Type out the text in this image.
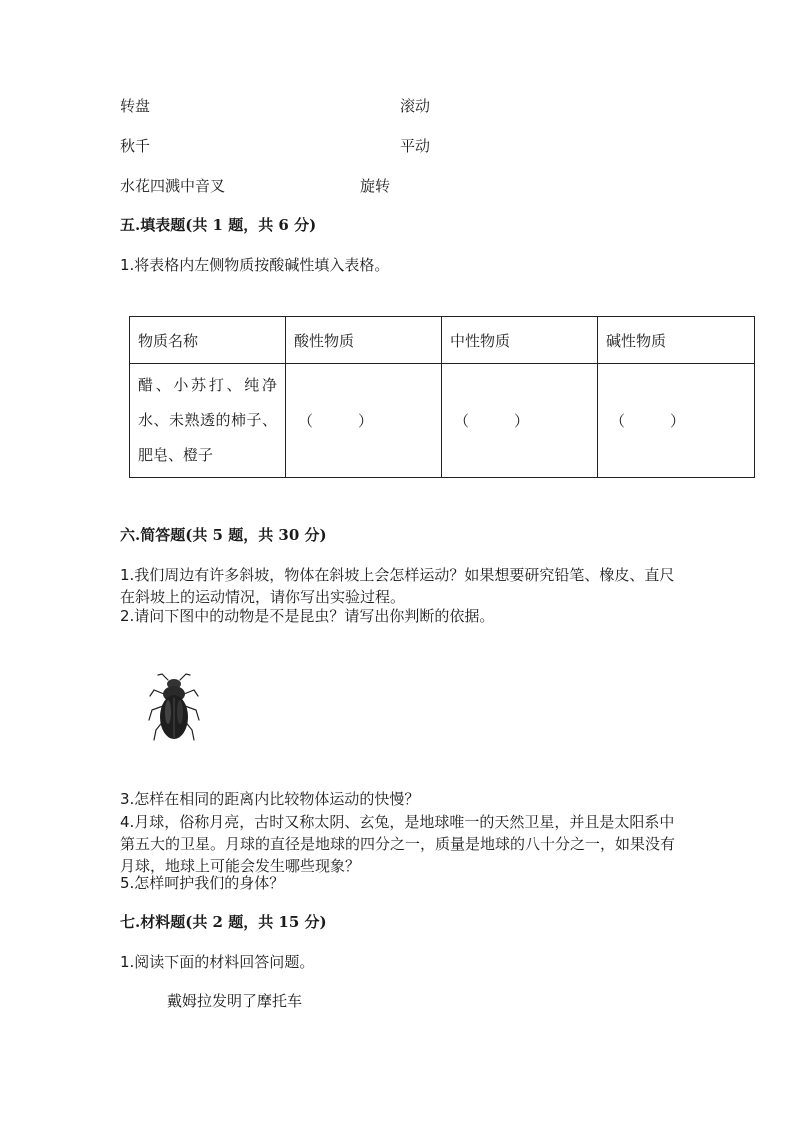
转盘	滚动
秋千	平动
水花四溅中音叉	旋转
五.填表题(共 1 题，共 6 分)
1.将表格内左侧物质按酸碱性填入表格。
物质名称	酸性物质	中性物质	碱性物质

醋、小苏打、纯净水、未熟透的柿子、肥皂、橙子	（　　　）	（　　　）	（　　　）
六.简答题(共 5 题，共 30 分)
1.我们周边有许多斜坡，物体在斜坡上会怎样运动？如果想要研究铅笔、橡皮、直尺在斜坡上的运动情况，请你写出实验过程。
2.请问下图中的动物是不是昆虫？请写出你判断的依据。
3.怎样在相同的距离内比较物体运动的快慢？
4.月球，俗称月亮，古时又称太阴、玄兔，是地球唯一的天然卫星，并且是太阳系中第五大的卫星。月球的直径是地球的四分之一，质量是地球的八十分之一，如果没有月球，地球上可能会发生哪些现象？
5.怎样呵护我们的身体？
七.材料题(共 2 题，共 15 分)
1.阅读下面的材料回答问题。
戴姆拉发明了摩托车
